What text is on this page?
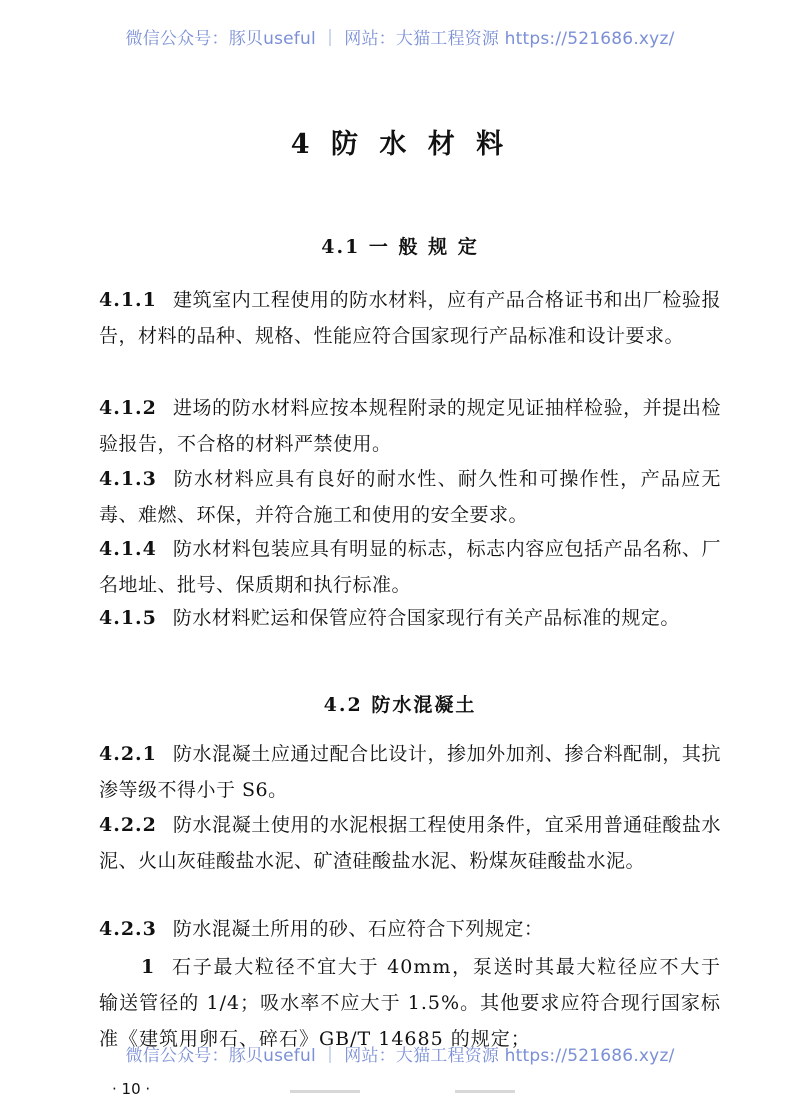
微信公众号：豚贝useful ｜ 网站：大猫工程资源 https://521686.xyz/
4 防 水 材 料
4.1 一 般 规 定
4.1.1 建筑室内工程使用的防水材料，应有产品合格证书和出厂检验报告，材料的品种、规格、性能应符合国家现行产品标准和设计要求。
4.1.2 进场的防水材料应按本规程附录的规定见证抽样检验，并提出检验报告，不合格的材料严禁使用。
4.1.3 防水材料应具有良好的耐水性、耐久性和可操作性，产品应无毒、难燃、环保，并符合施工和使用的安全要求。
4.1.4 防水材料包装应具有明显的标志，标志内容应包括产品名称、厂名地址、批号、保质期和执行标准。
4.1.5 防水材料贮运和保管应符合国家现行有关产品标准的规定。
4.2 防水混凝土
4.2.1 防水混凝土应通过配合比设计，掺加外加剂、掺合料配制，其抗渗等级不得小于 S6。
4.2.2 防水混凝土使用的水泥根据工程使用条件，宜采用普通硅酸盐水泥、火山灰硅酸盐水泥、矿渣硅酸盐水泥、粉煤灰硅酸盐水泥。
4.2.3 防水混凝土所用的砂、石应符合下列规定：
1 石子最大粒径不宜大于 40mm，泵送时其最大粒径应不大于输送管径的 1/4；吸水率不应大于 1.5%。其他要求应符合现行国家标准《建筑用卵石、碎石》GB/T 14685 的规定；
微信公众号：豚贝useful ｜ 网站：大猫工程资源 https://521686.xyz/
· 10 ·
